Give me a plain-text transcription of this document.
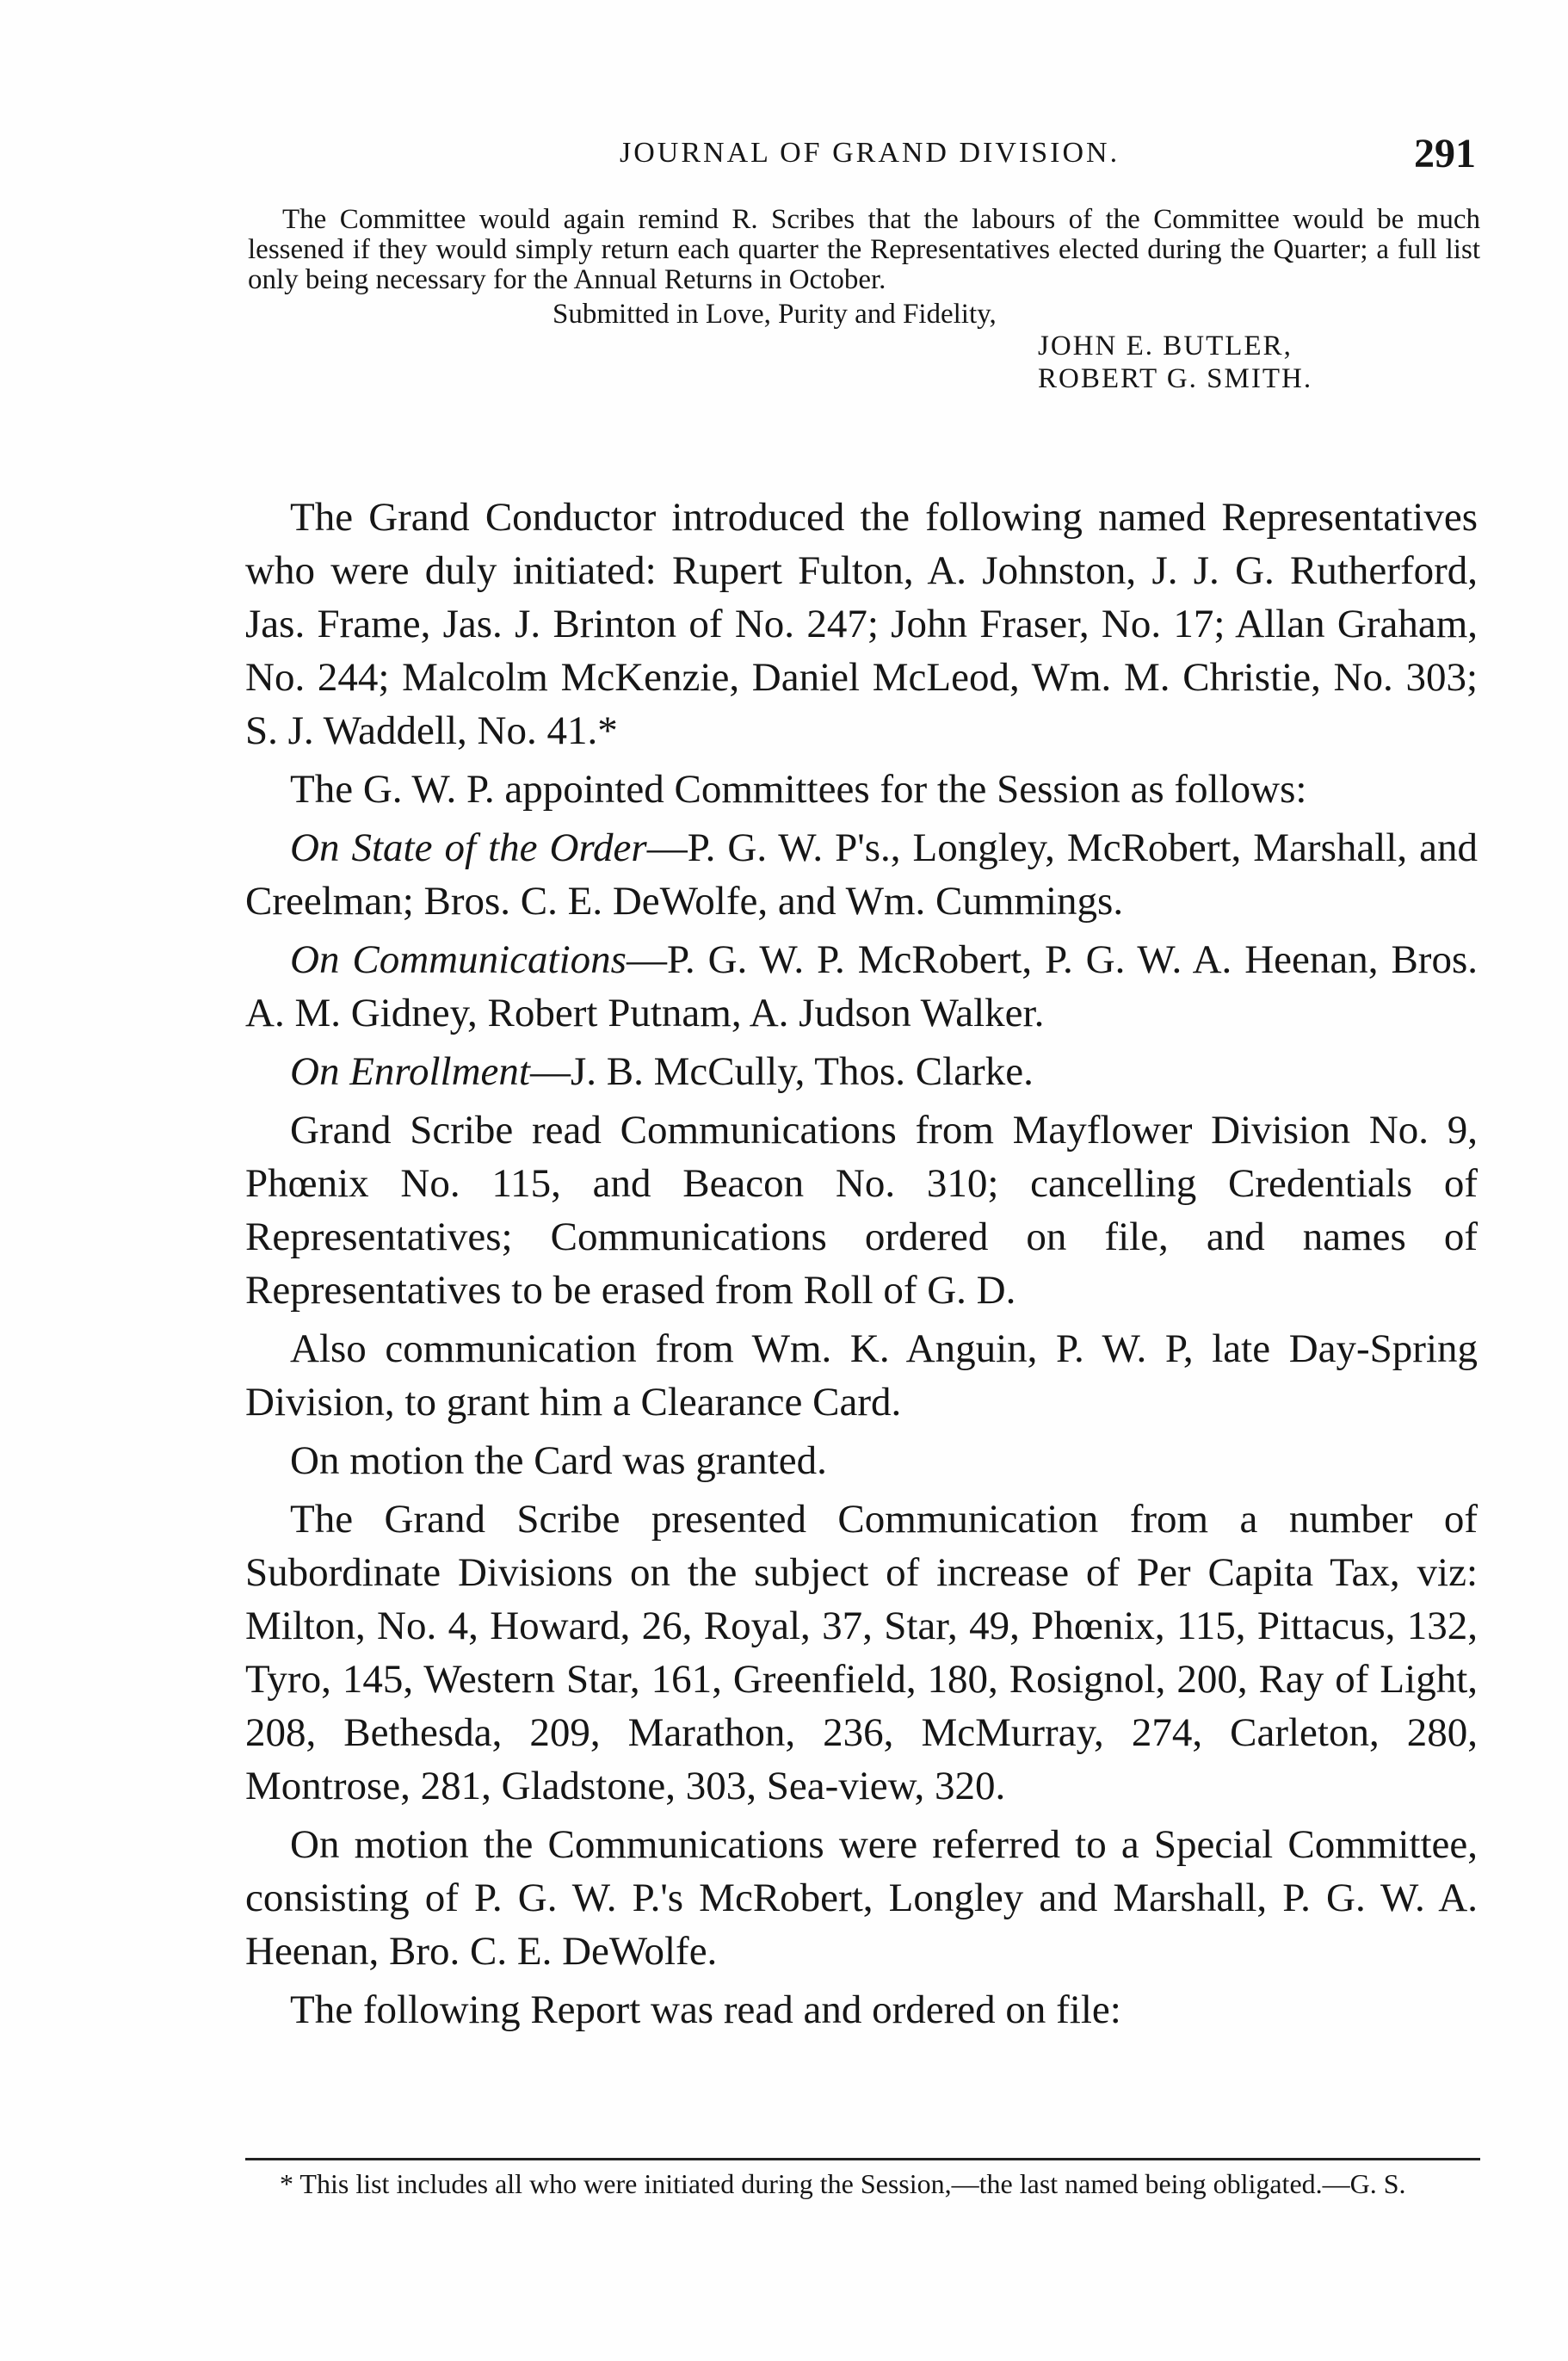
JOURNAL OF GRAND DIVISION.	291

The Committee would again remind R. Scribes that the labours of the Committee would be much lessened if they would simply return each quarter the Representatives elected during the Quarter; a full list only being necessary for the Annual Returns in October.

Submitted in Love, Purity and Fidelity,
JOHN E. BUTLER,
ROBERT G. SMITH.

The Grand Conductor introduced the following named Representatives who were duly initiated: Rupert Fulton, A. Johnston, J. J. G. Rutherford, Jas. Frame, Jas. J. Brinton of No. 247; John Fraser, No. 17; Allan Graham, No. 244; Malcolm McKenzie, Daniel McLeod, Wm. M. Christie, No. 303; S. J. Waddell, No. 41.*

The G. W. P. appointed Committees for the Session as follows:

On State of the Order—P. G. W. P's., Longley, McRobert, Marshall, and Creelman; Bros. C. E. DeWolfe, and Wm. Cummings.

On Communications—P. G. W. P. McRobert, P. G. W. A. Heenan, Bros. A. M. Gidney, Robert Putnam, A. Judson Walker.

On Enrollment—J. B. McCully, Thos. Clarke.

Grand Scribe read Communications from Mayflower Division No. 9, Phœnix No. 115, and Beacon No. 310; cancelling Credentials of Representatives; Communications ordered on file, and names of Representatives to be erased from Roll of G. D.

Also communication from Wm. K. Anguin, P. W. P, late Day-Spring Division, to grant him a Clearance Card.

On motion the Card was granted.

The Grand Scribe presented Communication from a number of Subordinate Divisions on the subject of increase of Per Capita Tax, viz: Milton, No. 4, Howard, 26, Royal, 37, Star, 49, Phœnix, 115, Pittacus, 132, Tyro, 145, Western Star, 161, Greenfield, 180, Rosignol, 200, Ray of Light, 208, Bethesda, 209, Marathon, 236, McMurray, 274, Carleton, 280, Montrose, 281, Gladstone, 303, Sea-view, 320.

On motion the Communications were referred to a Special Committee, consisting of P. G. W. P.'s McRobert, Longley and Marshall, P. G. W. A. Heenan, Bro. C. E. DeWolfe.

The following Report was read and ordered on file:

* This list includes all who were initiated during the Session,—the last named being obligated.—G. S.
